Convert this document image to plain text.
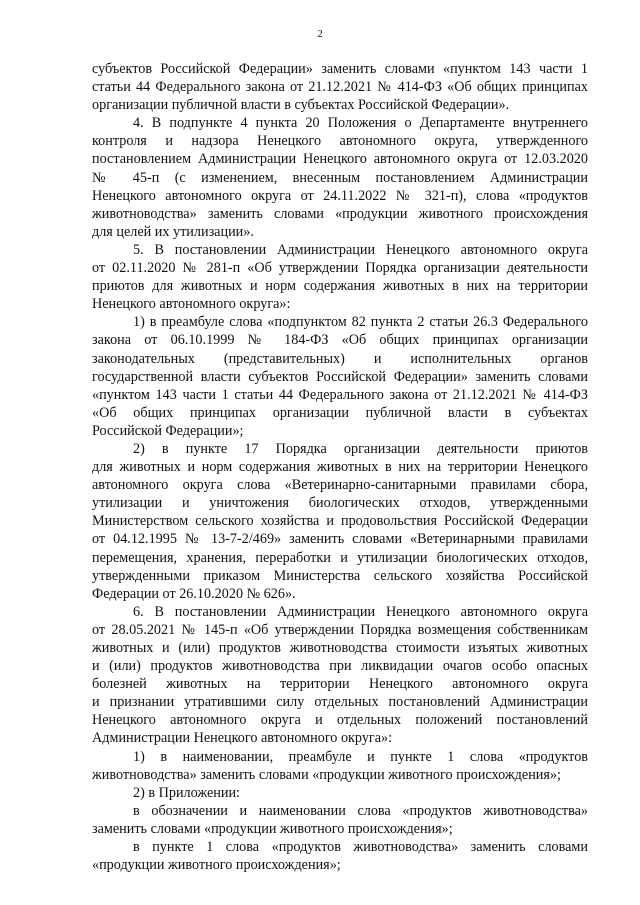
2
субъектов Российской Федерации» заменить словами «пунктом 143 части 1
статьи 44 Федерального закона от 21.12.2021 № 414-ФЗ «Об общих принципах
организации публичной власти в субъектах Российской Федерации».
4. В подпункте 4 пункта 20 Положения о Департаменте внутреннего
контроля и надзора Ненецкого автономного округа, утвержденного
постановлением Администрации Ненецкого автономного округа от 12.03.2020
№ 45-п (с изменением, внесенным постановлением Администрации
Ненецкого автономного округа от 24.11.2022 № 321-п), слова «продуктов
животноводства» заменить словами «продукции животного происхождения
для целей их утилизации».
5. В постановлении Администрации Ненецкого автономного округа
от 02.11.2020 № 281-п «Об утверждении Порядка организации деятельности
приютов для животных и норм содержания животных в них на территории
Ненецкого автономного округа»:
1) в преамбуле слова «подпунктом 82 пункта 2 статьи 26.3 Федерального
закона от 06.10.1999 № 184-ФЗ «Об общих принципах организации
законодательных (представительных) и исполнительных органов
государственной власти субъектов Российской Федерации» заменить словами
«пунктом 143 части 1 статьи 44 Федерального закона от 21.12.2021 № 414-ФЗ
«Об общих принципах организации публичной власти в субъектах
Российской Федерации»;
2) в пункте 17 Порядка организации деятельности приютов
для животных и норм содержания животных в них на территории Ненецкого
автономного округа слова «Ветеринарно-санитарными правилами сбора,
утилизации и уничтожения биологических отходов, утвержденными
Министерством сельского хозяйства и продовольствия Российской Федерации
от 04.12.1995 № 13-7-2/469» заменить словами «Ветеринарными правилами
перемещения, хранения, переработки и утилизации биологических отходов,
утвержденными приказом Министерства сельского хозяйства Российской
Федерации от 26.10.2020 № 626».
6. В постановлении Администрации Ненецкого автономного округа
от 28.05.2021 № 145-п «Об утверждении Порядка возмещения собственникам
животных и (или) продуктов животноводства стоимости изъятых животных
и (или) продуктов животноводства при ликвидации очагов особо опасных
болезней животных на территории Ненецкого автономного округа
и признании утратившими силу отдельных постановлений Администрации
Ненецкого автономного округа и отдельных положений постановлений
Администрации Ненецкого автономного округа»:
1) в наименовании, преамбуле и пункте 1 слова «продуктов
животноводства» заменить словами «продукции животного происхождения»;
2) в Приложении:
в обозначении и наименовании слова «продуктов животноводства»
заменить словами «продукции животного происхождения»;
в пункте 1 слова «продуктов животноводства» заменить словами
«продукции животного происхождения»;
